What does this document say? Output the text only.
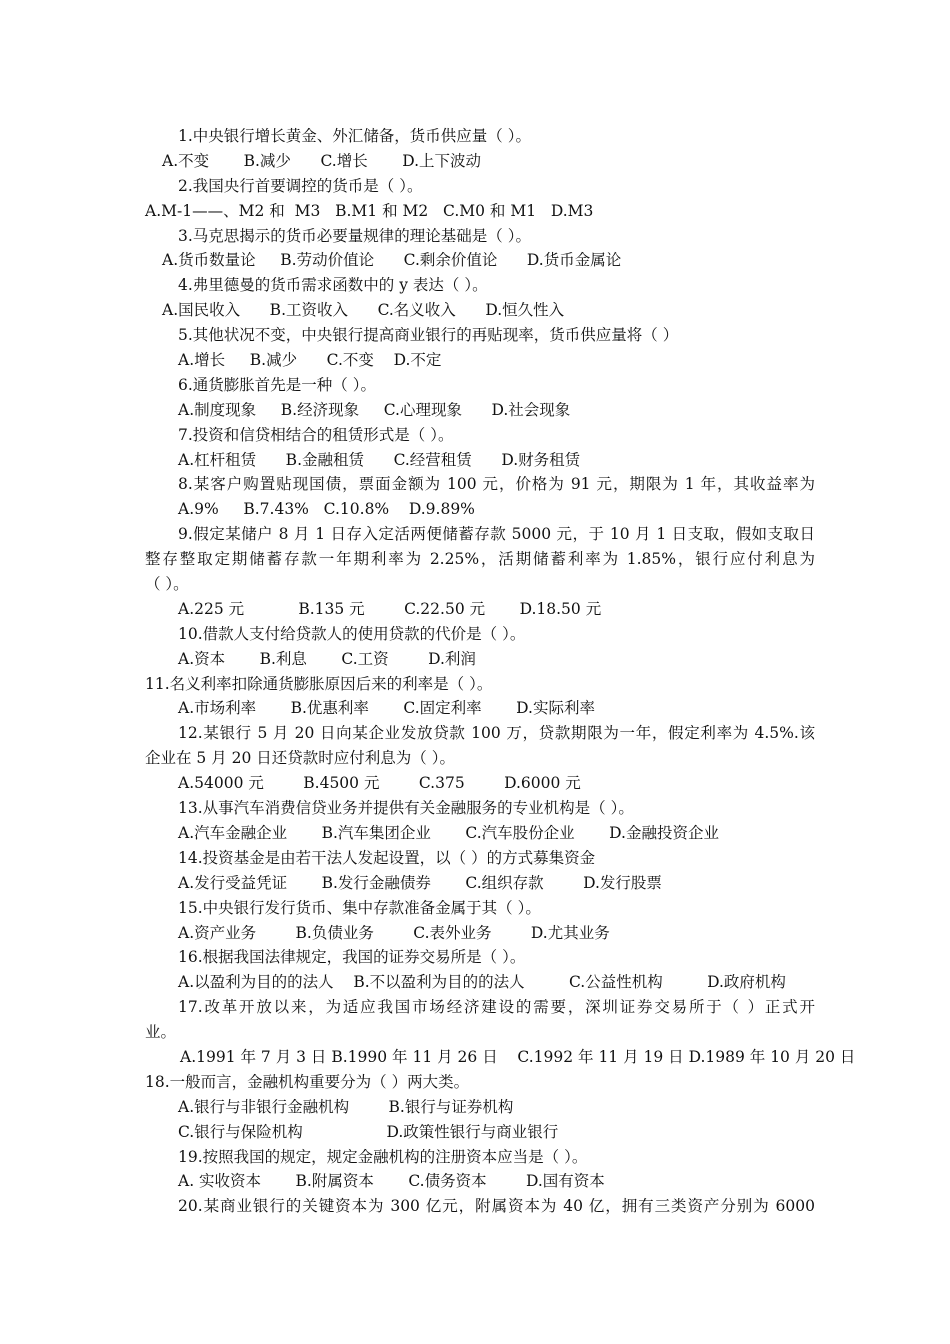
1.中央银行增长黄金、外汇储备，货币供应量（ ）。
A.不变       B.减少      C.增长       D.上下波动
2.我国央行首要调控的货币是（ ）。
A.M-1——、M2 和  M3   B.M1 和 M2   C.M0 和 M1   D.M3
3.马克思揭示的货币必要量规律的理论基础是（ ）。
A.货币数量论     B.劳动价值论      C.剩余价值论      D.货币金属论
4.弗里德曼的货币需求函数中的 y 表达（ ）。
A.国民收入      B.工资收入      C.名义收入      D.恒久性入
5.其他状况不变，中央银行提高商业银行的再贴现率，货币供应量将（ ）
A.增长     B.减少      C.不变    D.不定
6.通货膨胀首先是一种（ ）。
A.制度现象     B.经济现象     C.心理现象      D.社会现象
7.投资和信贷相结合的租赁形式是（ ）。
A.杠杆租赁      B.金融租赁      C.经营租赁      D.财务租赁
8.某客户购置贴现国债，票面金额为 100 元，价格为 91 元，期限为 1 年，其收益率为
A.9%     B.7.43%   C.10.8%    D.9.89%
9.假定某储户 8 月 1 日存入定活两便储蓄存款 5000 元，于 10 月 1 日支取，假如支取日
整存整取定期储蓄存款一年期利率为 2.25%，活期储蓄利率为 1.85%，银行应付利息为
（ ）。
A.225 元           B.135 元        C.22.50 元       D.18.50 元
10.借款人支付给贷款人的使用贷款的代价是（ ）。
A.资本       B.利息       C.工资        D.利润
11.名义利率扣除通货膨胀原因后来的利率是（ ）。
A.市场利率       B.优惠利率       C.固定利率       D.实际利率
12.某银行 5 月 20 日向某企业发放贷款 100 万，贷款期限为一年，假定利率为 4.5%.该
企业在 5 月 20 日还贷款时应付利息为（ ）。
A.54000 元        B.4500 元        C.375        D.6000 元
13.从事汽车消费信贷业务并提供有关金融服务的专业机构是（ ）。
A.汽车金融企业       B.汽车集团企业       C.汽车股份企业       D.金融投资企业
14.投资基金是由若干法人发起设置，以（ ）的方式募集资金
A.发行受益凭证       B.发行金融债券       C.组织存款        D.发行股票
15.中央银行发行货币、集中存款准备金属于其（ ）。
A.资产业务        B.负债业务        C.表外业务        D.尤其业务
16.根据我国法律规定，我国的证券交易所是（ ）。
A.以盈利为目的的法人    B.不以盈利为目的的法人         C.公益性机构         D.政府机构
17.改革开放以来，为适应我国市场经济建设的需要，深圳证券交易所于（ ）正式开
业。
A.1991 年 7 月 3 日 B.1990 年 11 月 26 日    C.1992 年 11 月 19 日 D.1989 年 10 月 20 日
18.一般而言，金融机构重要分为（ ）两大类。
A.银行与非银行金融机构        B.银行与证券机构
C.银行与保险机构                 D.政策性银行与商业银行
19.按照我国的规定，规定金融机构的注册资本应当是（ ）。
A. 实收资本       B.附属资本       C.债务资本        D.国有资本
20.某商业银行的关键资本为 300 亿元，附属资本为 40 亿，拥有三类资产分别为 6000
